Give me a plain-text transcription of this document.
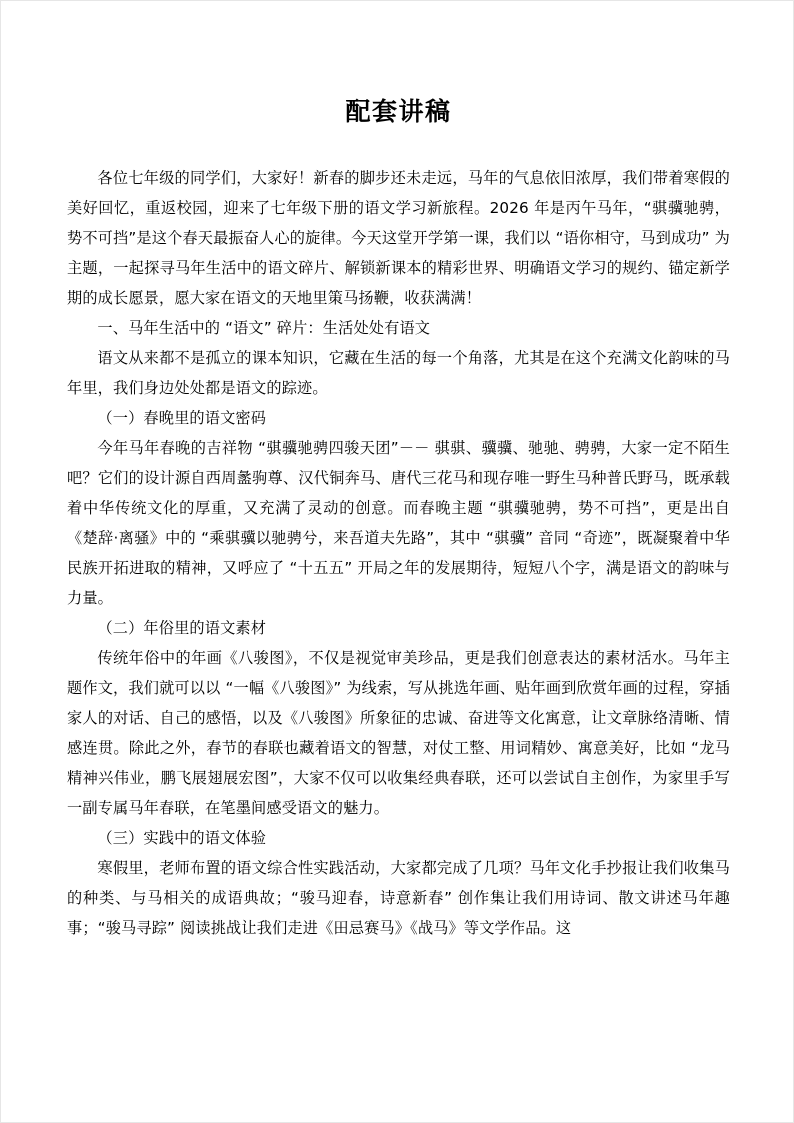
配套讲稿

各位七年级的同学们，大家好！新春的脚步还未走远，马年的气息依旧浓厚，我们带着寒假的美好回忆，重返校园，迎来了七年级下册的语文学习新旅程。2026 年是丙午马年，“骐骥驰骋，势不可挡”是这个春天最振奋人心的旋律。今天这堂开学第一课，我们以 “语你相守，马到成功” 为主题，一起探寻马年生活中的语文碎片、解锁新课本的精彩世界、明确语文学习的规约、锚定新学期的成长愿景，愿大家在语文的天地里策马扬鞭，收获满满！

一、马年生活中的 “语文” 碎片：生活处处有语文

语文从来都不是孤立的课本知识，它藏在生活的每一个角落，尤其是在这个充满文化韵味的马年里，我们身边处处都是语文的踪迹。

（一）春晚里的语文密码

今年马年春晚的吉祥物 “骐骥驰骋四骏天团”－－ 骐骐、骥骥、驰驰、骋骋，大家一定不陌生吧？它们的设计源自西周盠驹尊、汉代铜奔马、唐代三花马和现存唯一野生马种普氏野马，既承载着中华传统文化的厚重，又充满了灵动的创意。而春晚主题 “骐骥驰骋，势不可挡”，更是出自《楚辞·离骚》中的 “乘骐骥以驰骋兮，来吾道夫先路”，其中 “骐骥” 音同 “奇迹”，既凝聚着中华民族开拓进取的精神，又呼应了 “十五五” 开局之年的发展期待，短短八个字，满是语文的韵味与力量。

（二）年俗里的语文素材

传统年俗中的年画《八骏图》，不仅是视觉审美珍品，更是我们创意表达的素材活水。马年主题作文，我们就可以以 “一幅《八骏图》” 为线索，写从挑选年画、贴年画到欣赏年画的过程，穿插家人的对话、自己的感悟，以及《八骏图》所象征的忠诚、奋进等文化寓意，让文章脉络清晰、情感连贯。除此之外，春节的春联也藏着语文的智慧，对仗工整、用词精妙、寓意美好，比如 “龙马精神兴伟业，鹏飞展翅展宏图”，大家不仅可以收集经典春联，还可以尝试自主创作，为家里手写一副专属马年春联，在笔墨间感受语文的魅力。

（三）实践中的语文体验

寒假里，老师布置的语文综合性实践活动，大家都完成了几项？马年文化手抄报让我们收集马的种类、与马相关的成语典故；“骏马迎春，诗意新春” 创作集让我们用诗词、散文讲述马年趣事；“骏马寻踪” 阅读挑战让我们走进《田忌赛马》《战马》等文学作品。这
